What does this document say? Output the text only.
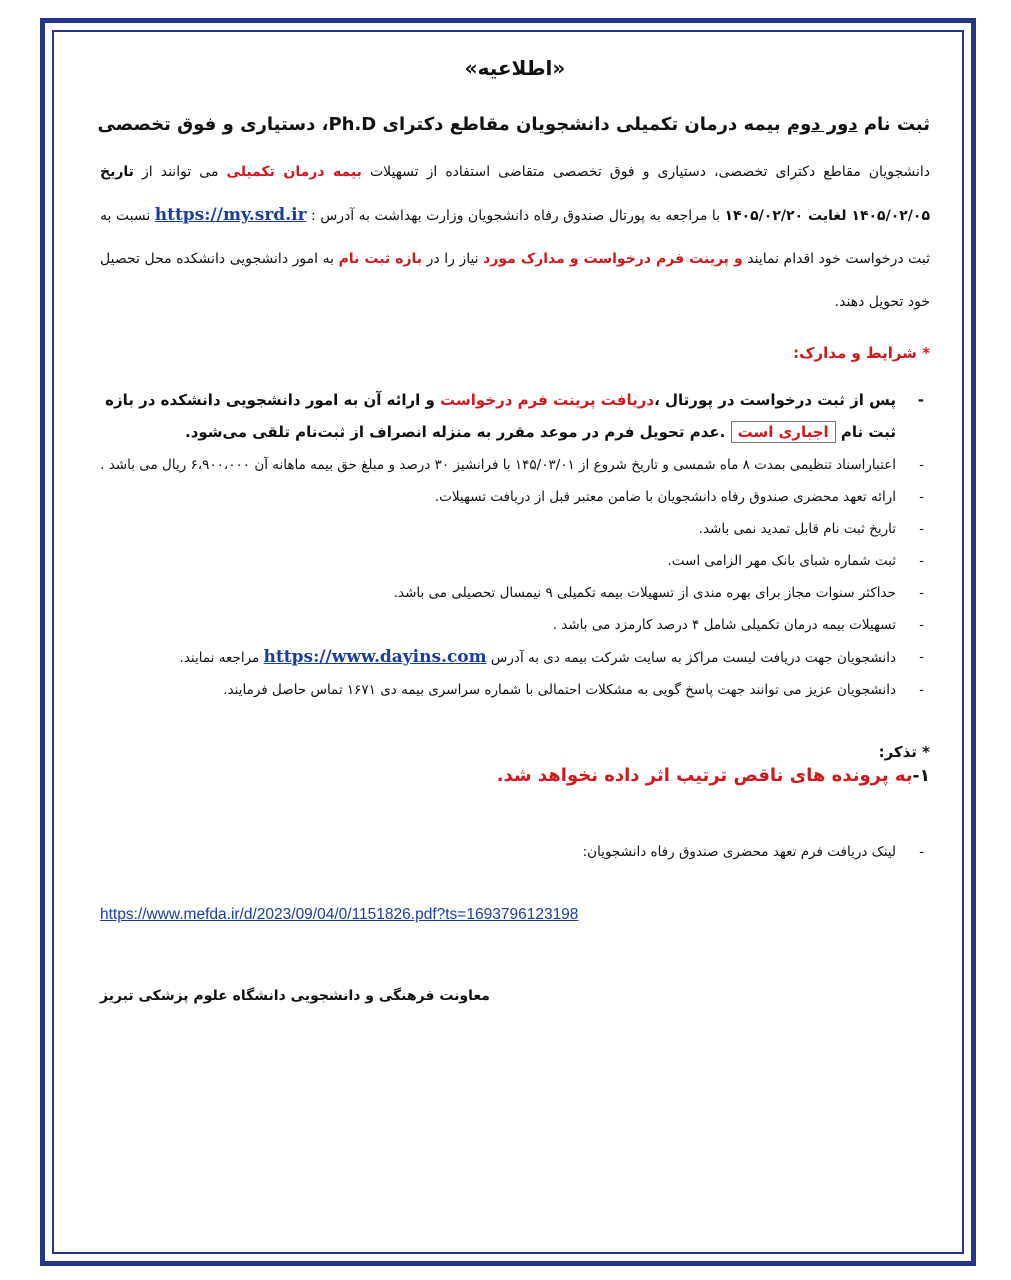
«اطلاعیه»
ثبت نام دور دوم بیمه درمان تکمیلی دانشجویان مقاطع دکترای Ph.D، دستیاری و فوق تخصصی
دانشجویان مقاطع دکترای تخصصی، دستیاری و فوق تخصصی متقاضی استفاده از تسهیلات بیمه درمان تکمیلی می توانند از تاریخ ۱۴۰۵/۰۲/۰۵ لغایت ۱۴۰۵/۰۲/۲۰ با مراجعه به پورتال صندوق رفاه دانشجویان وزارت بهداشت به آدرس : https://my.srd.ir نسبت به ثبت درخواست خود اقدام نمایند و پرینت فرم درخواست و مدارک مورد نیاز را در بازه ثبت نام به امور دانشجویی دانشکده محل تحصیل خود تحویل دهند.
* شرایط و مدارک:
-
پس از ثبت درخواست در پورتال ،دریافت پرینت فرم درخواست و ارائه آن به امور دانشجویی دانشکده در بازه ثبت نام اجباری است .عدم تحویل فرم در موعد مقرر به منزله انصراف از ثبت‌نام تلقی می‌شود.
-
اعتباراسناد تنظیمی بمدت ۸ ماه شمسی و تاریخ شروع از ۱۴۵/۰۳/۰۱ با فرانشیز ۳۰ درصد و مبلغ حق بیمه ماهانه آن ۶،۹۰۰،۰۰۰ ریال می باشد .
-
ارائه تعهد محضری صندوق رفاه دانشجویان با ضامن معتبر قبل از دریافت تسهیلات.
-
تاریخ ثبت نام قابل تمدید نمی باشد.
-
ثبت شماره شبای بانک مهر الزامی است.
-
حداکثر سنوات مجاز برای بهره مندی از تسهیلات بیمه تکمیلی ۹ نیمسال تحصیلی می باشد.
-
تسهیلات بیمه درمان تکمیلی شامل ۴ درصد کارمزد می باشد .
-
دانشجویان جهت دریافت لیست مراکز به سایت شرکت بیمه دی به آدرس https://www.dayins.com مراجعه نمایند.
-
دانشجویان عزیز می توانند جهت پاسخ گویی به مشکلات احتمالی با شماره سراسری بیمه دی ۱۶۷۱ تماس حاصل فرمایند.
* تذکر:
۱-به پرونده های ناقص ترتیب اثر داده نخواهد شد.
-
لینک دریافت فرم تعهد محضری صندوق رفاه دانشجویان:
https://www.mefda.ir/d/2023/09/04/0/1151826.pdf?ts=1693796123198
معاونت فرهنگی و دانشجویی دانشگاه علوم پزشکی تبریز
